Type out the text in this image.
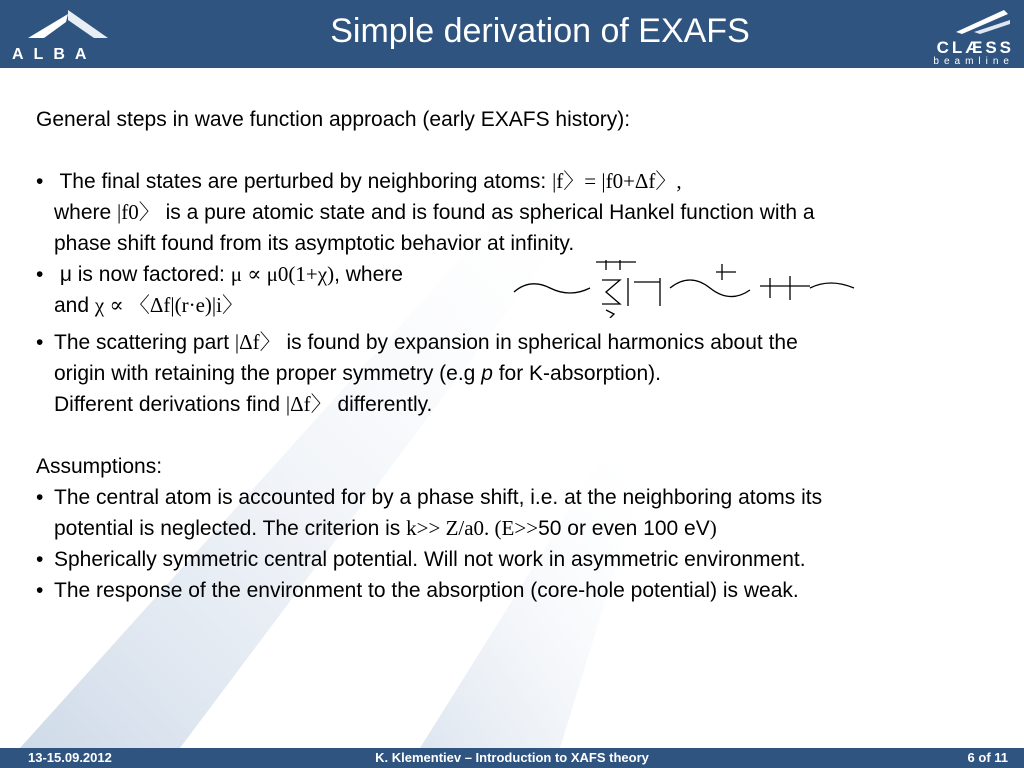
ALBA
Simple derivation of EXAFS	CLÆSS
beamline
General steps in wave function approach (early EXAFS history):
• The final states are perturbed by neighboring atoms: |f〉= |f0+Δf〉,
where |f0〉 is a pure atomic state and is found as spherical Hankel function with a
phase shift found from its asymptotic behavior at infinity.
• μ is now factored: μ ∝ μ0(1+χ), where
and χ ∝ 〈Δf|(r·e)|i〉
• The scattering part |Δf〉 is found by expansion in spherical harmonics about the
origin with retaining the proper symmetry (e.g p for K-absorption).
Different derivations find |Δf〉 differently.
Assumptions:
• The central atom is accounted for by a phase shift, i.e. at the neighboring atoms its
potential is neglected. The criterion is k>> Z/a0. (E>>50 or even 100 eV)
• Spherically symmetric central potential. Will not work in asymmetric environment.
• The response of the environment to the absorption (core-hole potential) is weak.
13-15.09.2012	K. Klementiev – Introduction to XAFS theory	6 of 11
